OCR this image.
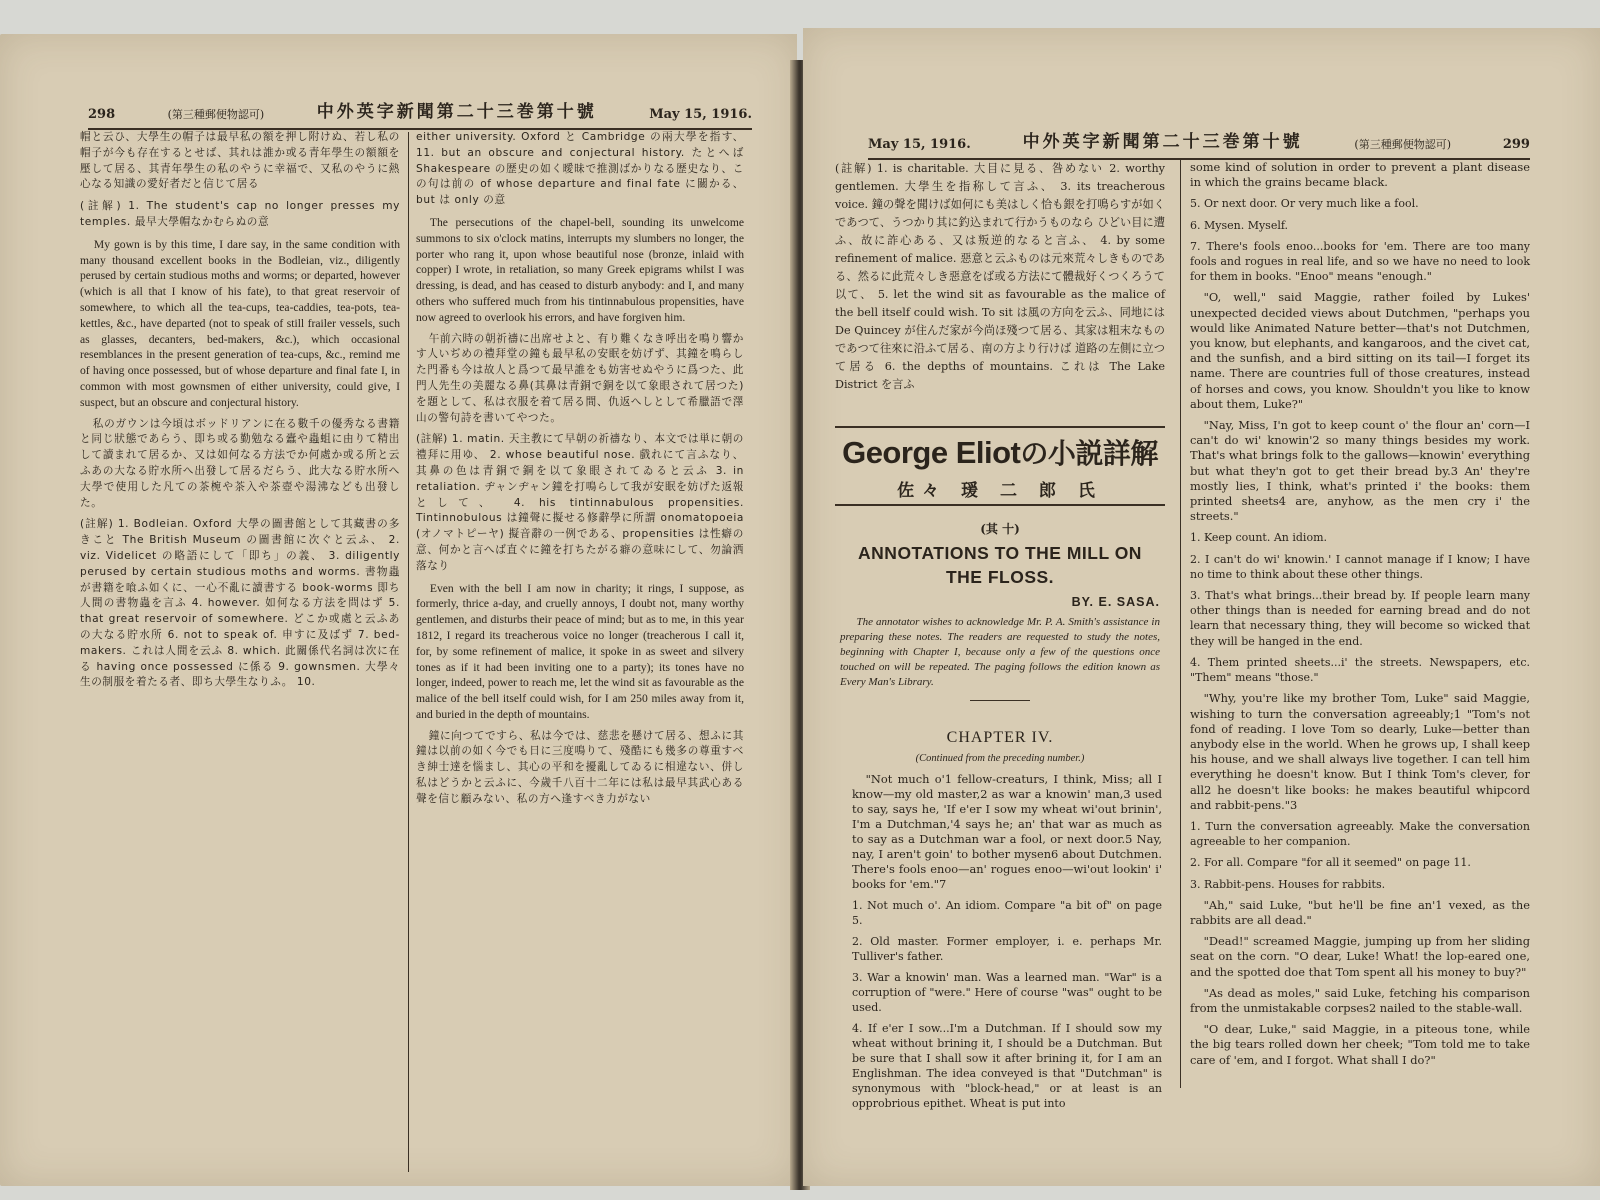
298	(第三種郵便物認可)	中外英字新聞第二十三巻第十號	May 15, 1916.

帽と云ひ、大學生の帽子は最早私の額を押し附けぬ、若し私の帽子が今も存在するとせば、其れは誰か或る青年學生の額額を壓して居る、其青年學生の私のやうに幸福で、又私のやうに熱心なる知識の愛好者だと信じて居る

(註解) 1. The student's cap no longer presses my temples. 最早大學帽なかむらぬの意

My gown is by this time, I dare say, in the same condition with many thousand excellent books in the Bodleian, viz., diligently perused by certain studious moths and worms; or departed, however (which is all that I know of his fate), to that great reservoir of somewhere, to which all the tea-cups, tea-caddies, tea-pots, tea-kettles, &c., have departed (not to speak of still frailer vessels, such as glasses, decanters, bed-makers, &c.), which occasional resemblances in the present generation of tea-cups, &c., remind me of having once possessed, but of whose departure and final fate I, in common with most gownsmen of either university, could give, I suspect, but an obscure and conjectural history.

私のガウンは今頃はボッドリアンに在る數千の優秀なる書籍と同じ狀態であらう、即ち或る勤勉なる蠹や蟲蛆に由りて精出して讀まれて居るか、又は如何なる方法でか何處か或る所と云ふあの大なる貯水所へ出發して居るだらう、此大なる貯水所へ大學で使用した凡ての茶椀や茶入や茶壺や湯沸なども出發した。

(註解) 1. Bodleian. Oxford 大學の圖書館として其藏書の多きこと The British Museum の圖書館に次ぐと云ふ、 2. viz. Videlicet の略語にして「即ち」の義、 3. diligently perused by certain studious moths and worms. 書物蟲が書籍を喰ふ如くに、一心不亂に讀書する book-worms 即ち人間の書物蟲を言ふ 4. however. 如何なる方法を問はず 5. that great reservoir of somewhere. どこか或處と云ふあの大なる貯水所 6. not to speak of. 申すに及ばず 7. bed-makers. これは人間を云ふ 8. which. 此關係代名詞は次に在る having once possessed に係る 9. gownsmen. 大學々生の制服を着たる者、即ち大學生なりふ。 10.

either university. Oxford と Cambridge の兩大學を指す、11. but an obscure and conjectural history. たとへば Shakespeare の歴史の如く曖昧で推測ばかりなる歴史なり、この句は前の of whose departure and final fate に關かる、but は only の意

The persecutions of the chapel-bell, sounding its unwelcome summons to six o'clock matins, interrupts my slumbers no longer, the porter who rang it, upon whose beautiful nose (bronze, inlaid with copper) I wrote, in retaliation, so many Greek epigrams whilst I was dressing, is dead, and has ceased to disturb anybody: and I, and many others who suffered much from his tintinnabulous propensities, have now agreed to overlook his errors, and have forgiven him.

午前六時の朝祈禱に出席せよと、有り難くなき呼出を鳴り響かす人いぢめの禮拜堂の鐘も最早私の安眠を妨げず、其鐘を鳴らした門番も今は故人と爲つて最早誰をも妨害せぬやうに爲つた、此門人先生の美麗なる鼻(其鼻は青銅で銅を以て象眼されて居つた)を題として、私は衣服を着て居る間、仇返へしとして希臘語で澤山の警句詩を書いてやつた。

(註解) 1. matin. 天主教にて早朝の祈禱なり、本文では単に朝の禮拜に用ゆ、 2. whose beautiful nose. 戲れにて言ふなり、其鼻の色は青銅で銅を以て象眼されてゐると云ふ 3. in retaliation. ヂャンヂャン鐘を打鳴らして我が安眠を妨げた返報として、 4. his tintinnabulous propensities. Tintinnobulous は鐘聲に擬せる修辭學に所謂 onomatopoeia (オノマトピーヤ) 擬音辭の一例である、propensities は性癖の意、何かと言へば直ぐに鐘を打ちたがる癖の意味にして、勿論洒落なり

Even with the bell I am now in charity; it rings, I suppose, as formerly, thrice a-day, and cruelly annoys, I doubt not, many worthy gentlemen, and disturbs their peace of mind; but as to me, in this year 1812, I regard its treacherous voice no longer (treacherous I call it, for, by some refinement of malice, it spoke in as sweet and silvery tones as if it had been inviting one to a party); its tones have no longer, indeed, power to reach me, let the wind sit as favourable as the malice of the bell itself could wish, for I am 250 miles away from it, and buried in the depth of mountains.

鐘に向つてですら、私は今では、慈悲を懸けて居る、想ふに其鐘は以前の如く今でも日に三度鳴りて、殘酷にも幾多の尊重すべき紳士達を惱まし、其心の平和を擾亂してゐるに相違ない、併し私はどうかと云ふに、今歲千八百十二年には私は最早其武心ある聲を信じ顧みない、私の方へ逢すべき力がない

May 15, 1916.	中外英字新聞第二十三巻第十號	(第三種郵便物認可)	299

(註解) 1. is charitable. 大目に見る、咎めない 2. worthy gentlemen. 大學生を指称して言ふ、 3. its treacherous voice. 鐘の聲を聞けば如何にも美はしく恰も銀を打鳴らすが如くであつて、うつかり其に釣込まれて行かうものなら ひどい目に遭ふ、故に詐心ある、又は叛逆的なると言ふ、 4. by some refinement of malice. 惡意と云ふものは元來荒々しきものである、然るに此荒々しき惡意をば或る方法にて體裁好くつくろうて以て、 5. let the wind sit as favourable as the malice of the bell itself could wish. To sit は風の方向を云ふ、同地には De Quincey が住んだ家が今尚ほ殘つて居る、其家は粗末なものであつて往來に沿ふて居る、南の方より行けば 道路の左側に立つて居る 6. the depths of mountains. これは The Lake District を言ふ

George Eliotの小説詳解
佐々 瑗 二 郎 氏
(其 十)
ANNOTATIONS TO THE MILL ON THE FLOSS.
BY. E. SASA.
The annotator wishes to acknowledge Mr. P. A. Smith's assistance in preparing these notes. The readers are requested to study the notes, beginning with Chapter I, because only a few of the questions once touched on will be repeated. The paging follows the edition known as Every Man's Library.
CHAPTER IV.
(Continued from the preceding number.)

"Not much o'1 fellow-creaturs, I think, Miss; all I know—my old master,2 as war a knowin' man,3 used to say, says he, 'If e'er I sow my wheat wi'out brinin', I'm a Dutchman,'4 says he; an' that war as much as to say as a Dutchman war a fool, or next door.5 Nay, nay, I aren't goin' to bother mysen6 about Dutchmen. There's fools enoo—an' rogues enoo—wi'out lookin' i' books for 'em."7

1. Not much o'. An idiom. Compare "a bit of" on page 5.

2. Old master. Former employer, i. e. perhaps Mr. Tulliver's father.

3. War a knowin' man. Was a learned man. "War" is a corruption of "were." Here of course "was" ought to be used.

4. If e'er I sow...I'm a Dutchman. If I should sow my wheat without brining it, I should be a Dutchman. But be sure that I shall sow it after brining it, for I am an Englishman. The idea conveyed is that "Dutchman" is synonymous with "block-head," or at least is an opprobrious epithet. Wheat is put into

some kind of solution in order to prevent a plant disease in which the grains became black.

5. Or next door. Or very much like a fool.

6. Mysen. Myself.

7. There's fools enoo...books for 'em. There are too many fools and rogues in real life, and so we have no need to look for them in books. "Enoo" means "enough."

"O, well," said Maggie, rather foiled by Lukes' unexpected decided views about Dutchmen, "perhaps you would like Animated Nature better—that's not Dutchmen, you know, but elephants, and kangaroos, and the civet cat, and the sunfish, and a bird sitting on its tail—I forget its name. There are countries full of those creatures, instead of horses and cows, you know. Shouldn't you like to know about them, Luke?"

"Nay, Miss, I'n got to keep count o' the flour an' corn—I can't do wi' knowin'2 so many things besides my work. That's what brings folk to the gallows—knowin' everything but what they'n got to get their bread by.3 An' they're mostly lies, I think, what's printed i' the books: them printed sheets4 are, anyhow, as the men cry i' the streets."

1. Keep count. An idiom.

2. I can't do wi' knowin.' I cannot manage if I know; I have no time to think about these other things.

3. That's what brings...their bread by. If people learn many other things than is needed for earning bread and do not learn that necessary thing, they will become so wicked that they will be hanged in the end.

4. Them printed sheets...i' the streets. Newspapers, etc. "Them" means "those."

"Why, you're like my brother Tom, Luke" said Maggie, wishing to turn the conversation agreeably;1 "Tom's not fond of reading. I love Tom so dearly, Luke—better than anybody else in the world. When he grows up, I shall keep his house, and we shall always live together. I can tell him everything he doesn't know. But I think Tom's clever, for all2 he doesn't like books: he makes beautiful whipcord and rabbit-pens."3

1. Turn the conversation agreeably. Make the conversation agreeable to her companion.

2. For all. Compare "for all it seemed" on page 11.

3. Rabbit-pens. Houses for rabbits.

"Ah," said Luke, "but he'll be fine an'1 vexed, as the rabbits are all dead."

"Dead!" screamed Maggie, jumping up from her sliding seat on the corn. "O dear, Luke! What! the lop-eared one, and the spotted doe that Tom spent all his money to buy?"

"As dead as moles," said Luke, fetching his comparison from the unmistakable corpses2 nailed to the stable-wall.

"O dear, Luke," said Maggie, in a piteous tone, while the big tears rolled down her cheek; "Tom told me to take care of 'em, and I forgot. What shall I do?"
